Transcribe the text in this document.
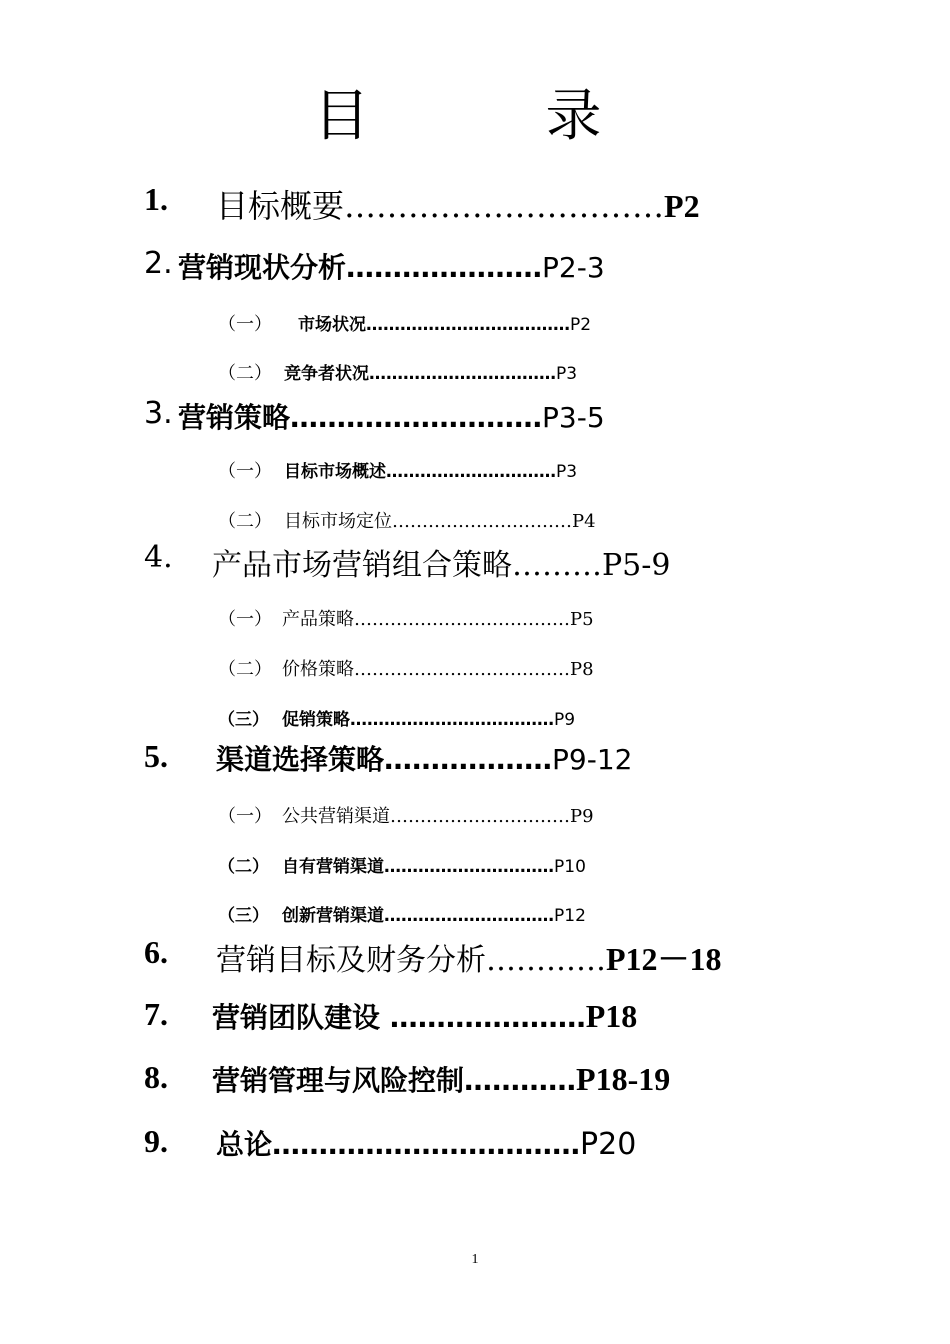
目　录
1. 目标概要…………………………P2
2. 营销现状分析…………………P2-3
（一） 市场状况………………………………P2
（二） 竞争者状况……………………………P3
3. 营销策略………………………P3-5
（一） 目标市场概述…………………………P3
（二） 目标市场定位…………………………P4
4. 产品市场营销组合策略………P5-9
（一） 产品策略………………………………P5
（二） 价格策略………………………………P8
（三） 促销策略………………………………P9
5. 渠道选择策略………………P9-12
（一） 公共营销渠道…………………………P9
（二） 自有营销渠道…………………………P10
（三） 创新营销渠道…………………………P12
6. 营销目标及财务分析…………P12－18
7. 营销团队建设 …………………P18
8. 营销管理与风险控制…………P18-19
9. 总论……………………………P20
1
